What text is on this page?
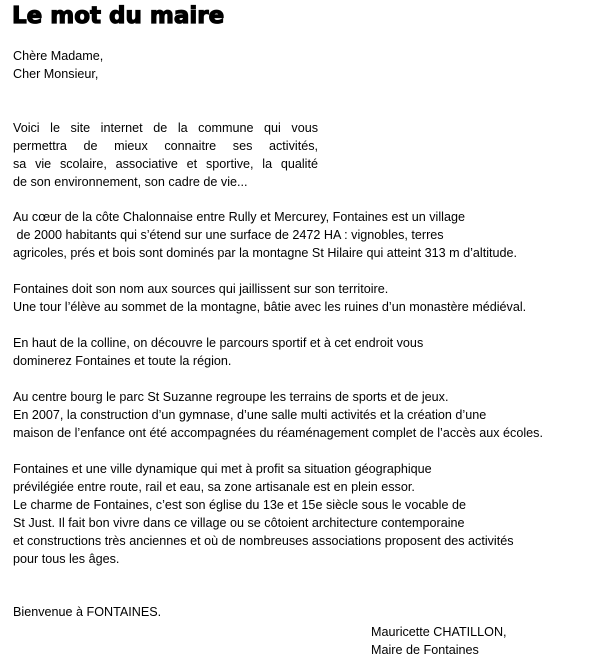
Le mot du maire

Chère Madame,

Cher Monsieur,

Voici le site internet de la commune qui vous

permettra de mieux connaitre ses activités,

sa vie scolaire, associative et sportive, la qualité

de son environnement, son cadre de vie...

Au cœur de la côte Chalonnaise entre Rully et Mercurey, Fontaines est un village

de 2000 habitants qui s’étend sur une surface de 2472 HA : vignobles, terres

agricoles, prés et bois sont dominés par la montagne St Hilaire qui atteint 313 m d’altitude.

Fontaines doit son nom aux sources qui jaillissent sur son territoire.

Une tour l’élève au sommet de la montagne, bâtie avec les ruines d’un monastère médiéval.

En haut de la colline, on découvre le parcours sportif et à cet endroit vous

dominerez Fontaines et toute la région.

Au centre bourg le parc St Suzanne regroupe les terrains de sports et de jeux.

En 2007, la construction d’un gymnase, d’une salle multi activités et la création d’une

maison de l’enfance ont été accompagnées du réaménagement complet de l’accès aux écoles.

Fontaines et une ville dynamique qui met à profit sa situation géographique

prévilégiée entre route, rail et eau, sa zone artisanale est en plein essor.

Le charme de Fontaines, c’est son église du 13e et 15e siècle sous le vocable de

St Just. Il fait bon vivre dans ce village ou se côtoient architecture contemporaine

et constructions très anciennes et où de nombreuses associations proposent des activités

pour tous les âges.

Bienvenue à FONTAINES.

Mauricette CHATILLON,

Maire de Fontaines
